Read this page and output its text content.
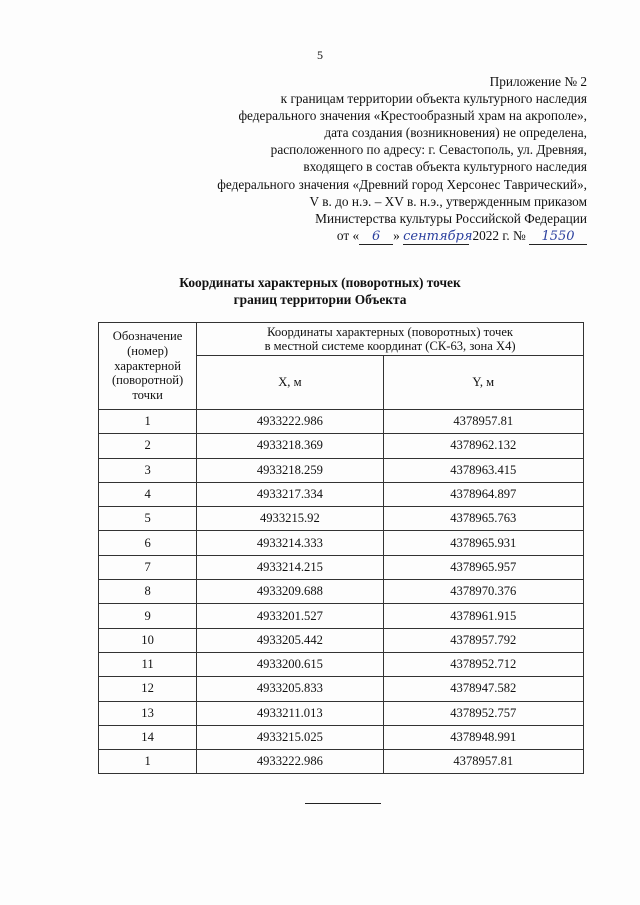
5
Приложение № 2
к границам территории объекта культурного наследия
федерального значения «Крестообразный храм на акрополе»,
дата создания (возникновения) не определена,
расположенного по адресу: г. Севастополь, ул. Древняя,
входящего в состав объекта культурного наследия
федерального значения «Древний город Херсонес Таврический»,
V в. до н.э. – XV в. н.э., утвержденным приказом
Министерства культуры Российской Федерации
от « 6 » сентября 2022 г. № 1550
Координаты характерных (поворотных) точек
границ территории Объекта
Обозначение (номер) характерной (поворотной) точки	Координаты характерных (поворотных) точек
в местной системе координат (СК-63, зона X4)	
	X, м	Y, м
1	4933222.986	4378957.81
2	4933218.369	4378962.132
3	4933218.259	4378963.415
4	4933217.334	4378964.897
5	4933215.92	4378965.763
6	4933214.333	4378965.931
7	4933214.215	4378965.957
8	4933209.688	4378970.376
9	4933201.527	4378961.915
10	4933205.442	4378957.792
11	4933200.615	4378952.712
12	4933205.833	4378947.582
13	4933211.013	4378952.757
14	4933215.025	4378948.991
1	4933222.986	4378957.81
